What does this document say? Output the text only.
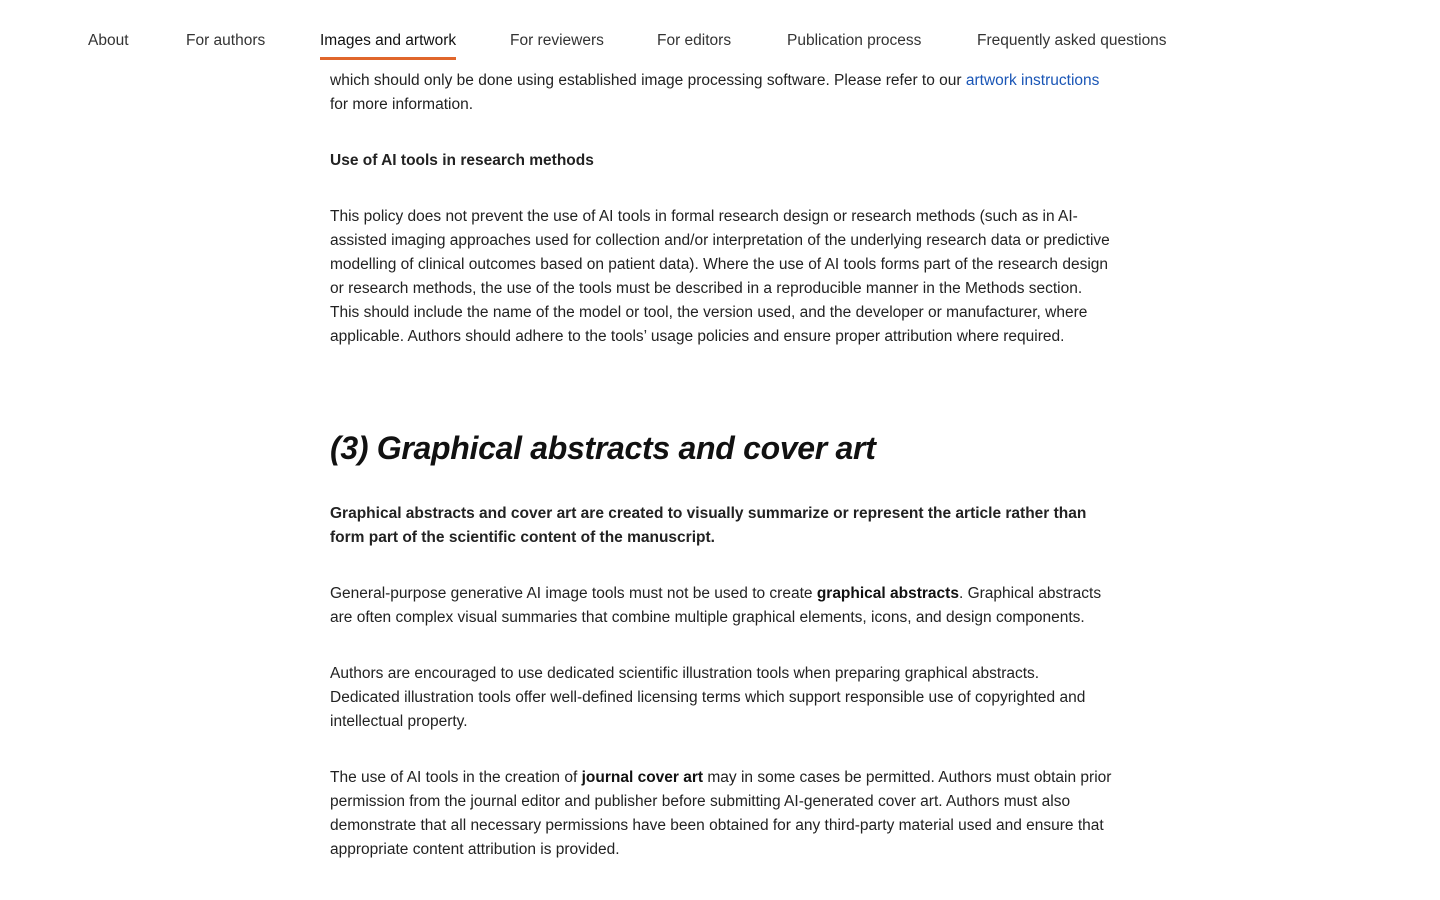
which should only be done using established image processing software. Please refer to our artwork instructions

for more information.

Use of AI tools in research methods

This policy does not prevent the use of AI tools in formal research design or research methods (such as in AI-assisted imaging approaches used for collection and/or interpretation of the underlying research data or predictive modelling of clinical outcomes based on patient data). Where the use of AI tools forms part of the research design or research methods, the use of the tools must be described in a reproducible manner in the Methods section. This should include the name of the model or tool, the version used, and the developer or manufacturer, where applicable. Authors should adhere to the tools’ usage policies and ensure proper attribution where required.

(3) Graphical abstracts and cover art

Graphical abstracts and cover art are created to visually summarize or represent the article rather than form part of the scientific content of the manuscript.

General-purpose generative AI image tools must not be used to create graphical abstracts. Graphical abstracts are often complex visual summaries that combine multiple graphical elements, icons, and design components.

Authors are encouraged to use dedicated scientific illustration tools when preparing graphical abstracts. Dedicated illustration tools offer well-defined licensing terms which support responsible use of copyrighted and intellectual property.

The use of AI tools in the creation of journal cover art may in some cases be permitted. Authors must obtain prior permission from the journal editor and publisher before submitting AI-generated cover art. Authors must also demonstrate that all necessary permissions have been obtained for any third-party material used and ensure that appropriate content attribution is provided.

About	For authors	Images and artwork	For reviewers	For editors	Publication process	Frequently asked questions
